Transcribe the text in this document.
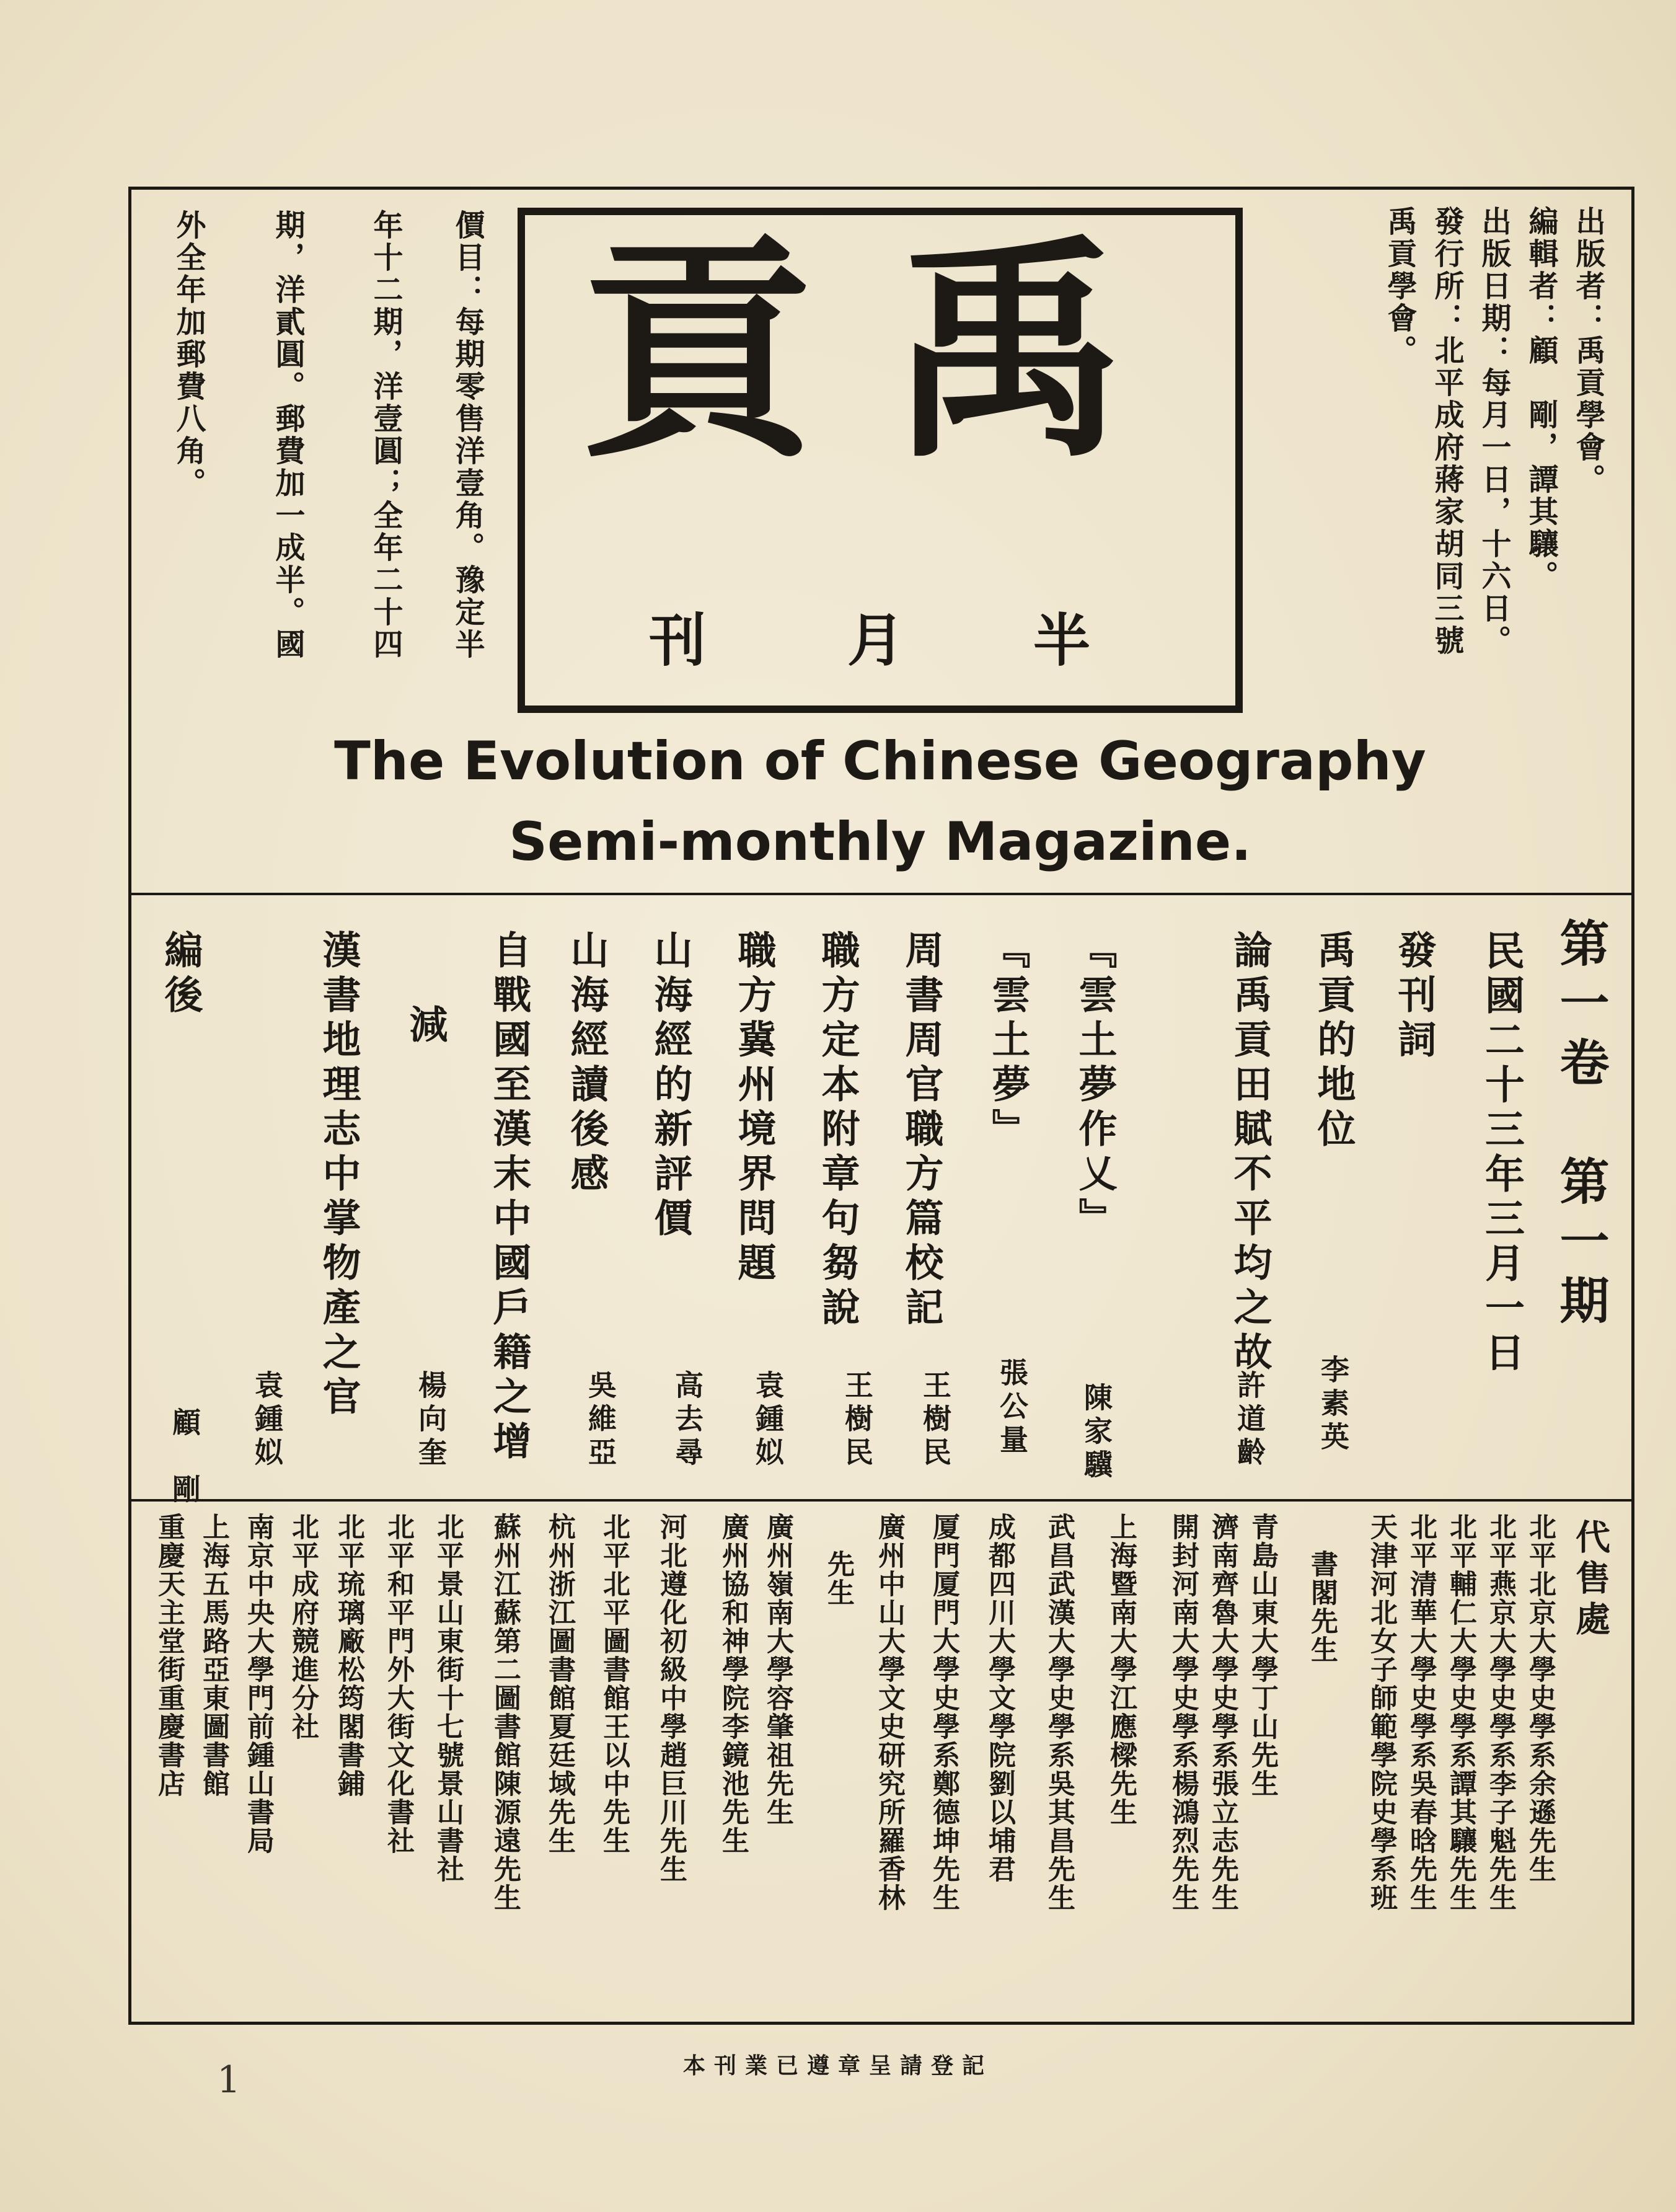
出版者：禹貢學會。
編輯者：顧　剛，譚其驤。
出版日期：每月一日，十六日。
發行所：北平成府蔣家胡同三號
禹貢學會。
價目：每期零售洋壹角。豫定半
年十二期，洋壹圓；全年二十四
期，洋貳圓。郵費加一成半。國
外全年加郵費八角。	禹
貢
半
月
刊
The Evolution of Chinese Geography
Semi-monthly Magazine.
第一卷　第一期
民國二十三年三月一日
發刊詞
禹貢的地位
李素英
論禹貢田賦不平均之故
許道齡
『雲土夢作乂』
陳家驥
『雲土夢』
張公量
周書周官職方篇校記
王樹民
職方定本附章句芻說
王樹民
職方冀州境界問題
袁鍾姒
山海經的新評價
高去尋
山海經讀後感
吳維亞
自戰國至漢末中國戶籍之增
減
楊向奎
漢書地理志中掌物產之官
袁鍾姒
編後
顧　剛
代售處
北平北京大學史學系余遜先生
北平燕京大學史學系李子魁先生
北平輔仁大學史學系譚其驤先生
北平清華大學史學系吳春晗先生
天津河北女子師範學院史學系班
書閣先生
青島山東大學丁山先生
濟南齊魯大學史學系張立志先生
開封河南大學史學系楊鴻烈先生
上海暨南大學江應樑先生
武昌武漢大學史學系吳其昌先生
成都四川大學文學院劉以埔君
厦門厦門大學史學系鄭德坤先生
廣州中山大學文史研究所羅香林
先生
廣州嶺南大學容肇祖先生
廣州協和神學院李鏡池先生
河北遵化初級中學趙巨川先生
北平北平圖書館王以中先生
杭州浙江圖書館夏廷域先生
蘇州江蘇第二圖書館陳源遠先生
北平景山東街十七號景山書社
北平和平門外大街文化書社
北平琉璃廠松筠閣書鋪
北平成府競進分社
南京中央大學門前鍾山書局
上海五馬路亞東圖書館
重慶天主堂街重慶書店
本刊業已遵章呈請登記
1
